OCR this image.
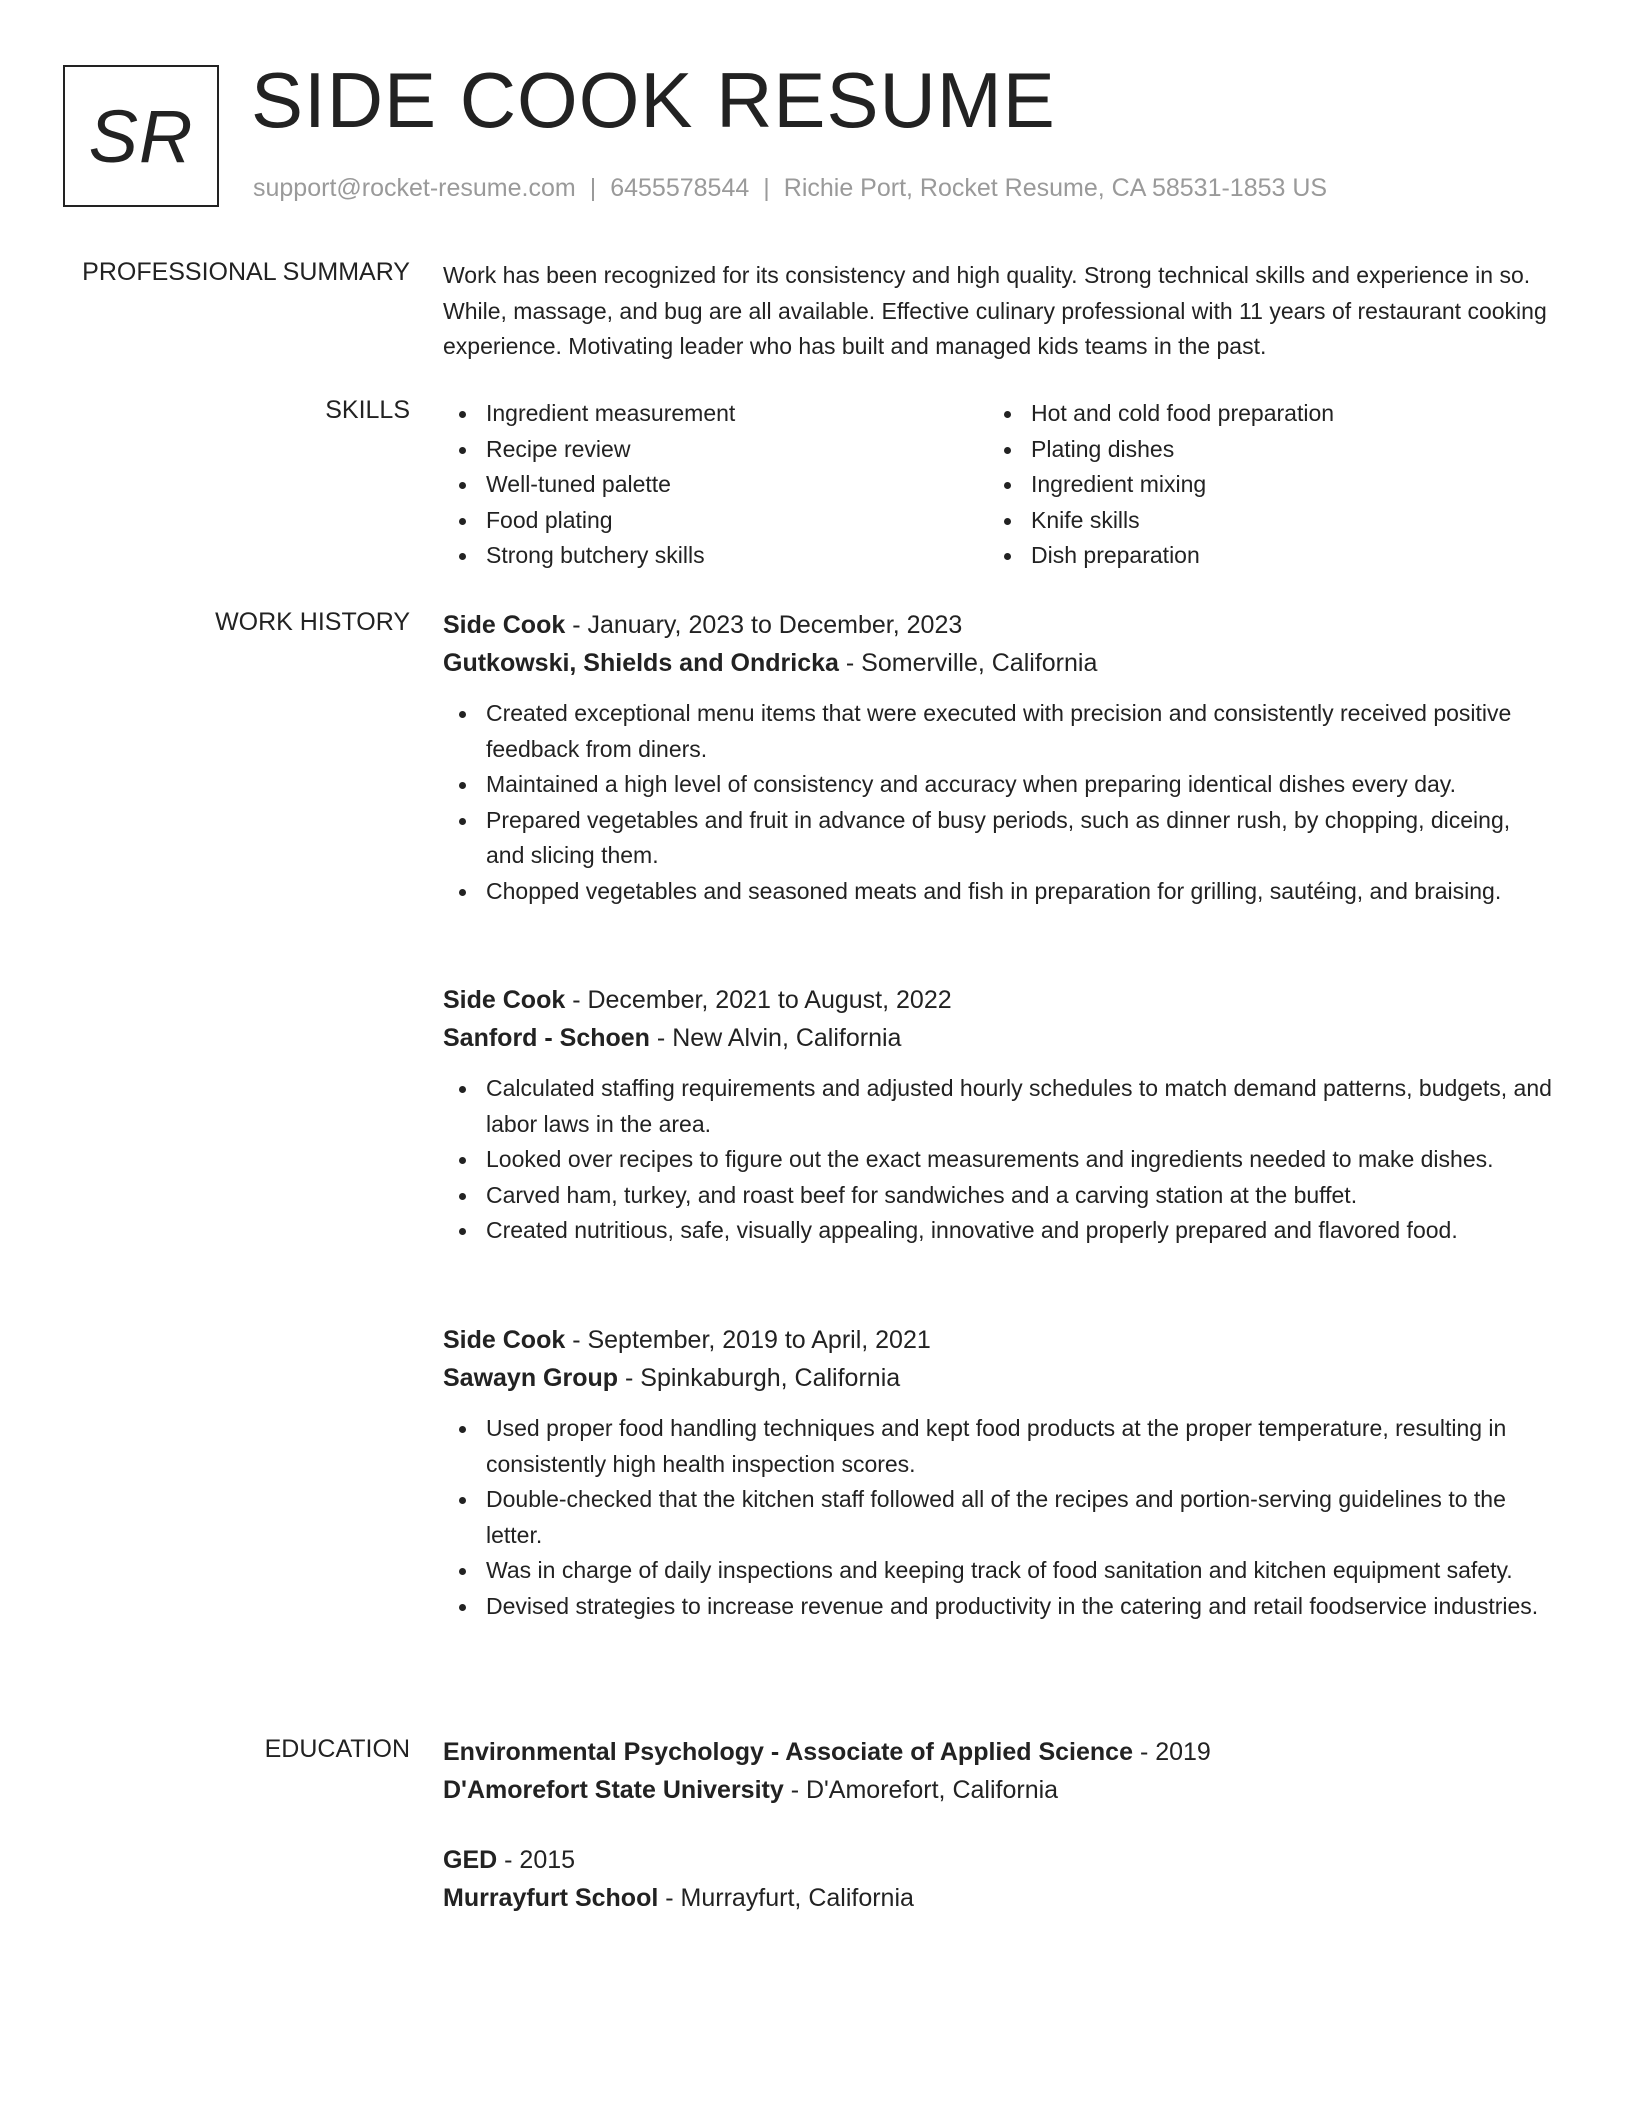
SR SIDE COOK RESUME
support@rocket-resume.com | 6455578544 | Richie Port, Rocket Resume, CA 58531-1853 US
PROFESSIONAL SUMMARY Work has been recognized for its consistency and high quality. Strong technical skills and experience in so. While, massage, and bug are all available. Effective culinary professional with 11 years of restaurant cooking experience. Motivating leader who has built and managed kids teams in the past.

SKILLS	Ingredient measurement
Recipe review
Well-tuned palette
Food plating
Strong butchery skills
Hot and cold food preparation
Plating dishes
Ingredient mixing
Knife skills
Dish preparation
WORK HISTORY Side Cook - January, 2023 to December, 2023
Gutkowski, Shields and Ondricka - Somerville, California
Created exceptional menu items that were executed with precision and consistently received positive feedback from diners.
Maintained a high level of consistency and accuracy when preparing identical dishes every day.
Prepared vegetables and fruit in advance of busy periods, such as dinner rush, by chopping, diceing, and slicing them.
Chopped vegetables and seasoned meats and fish in preparation for grilling, sautéing, and braising.
Side Cook - December, 2021 to August, 2022
Sanford - Schoen - New Alvin, California
Calculated staffing requirements and adjusted hourly schedules to match demand patterns, budgets, and labor laws in the area.
Looked over recipes to figure out the exact measurements and ingredients needed to make dishes.
Carved ham, turkey, and roast beef for sandwiches and a carving station at the buffet.
Created nutritious, safe, visually appealing, innovative and properly prepared and flavored food.
Side Cook - September, 2019 to April, 2021
Sawayn Group - Spinkaburgh, California
Used proper food handling techniques and kept food products at the proper temperature, resulting in consistently high health inspection scores.
Double-checked that the kitchen staff followed all of the recipes and portion-serving guidelines to the letter.
Was in charge of daily inspections and keeping track of food sanitation and kitchen equipment safety.
Devised strategies to increase revenue and productivity in the catering and retail foodservice industries.
EDUCATION Environmental Psychology - Associate of Applied Science - 2019
D'Amorefort State University - D'Amorefort, California
GED - 2015
Murrayfurt School - Murrayfurt, California
